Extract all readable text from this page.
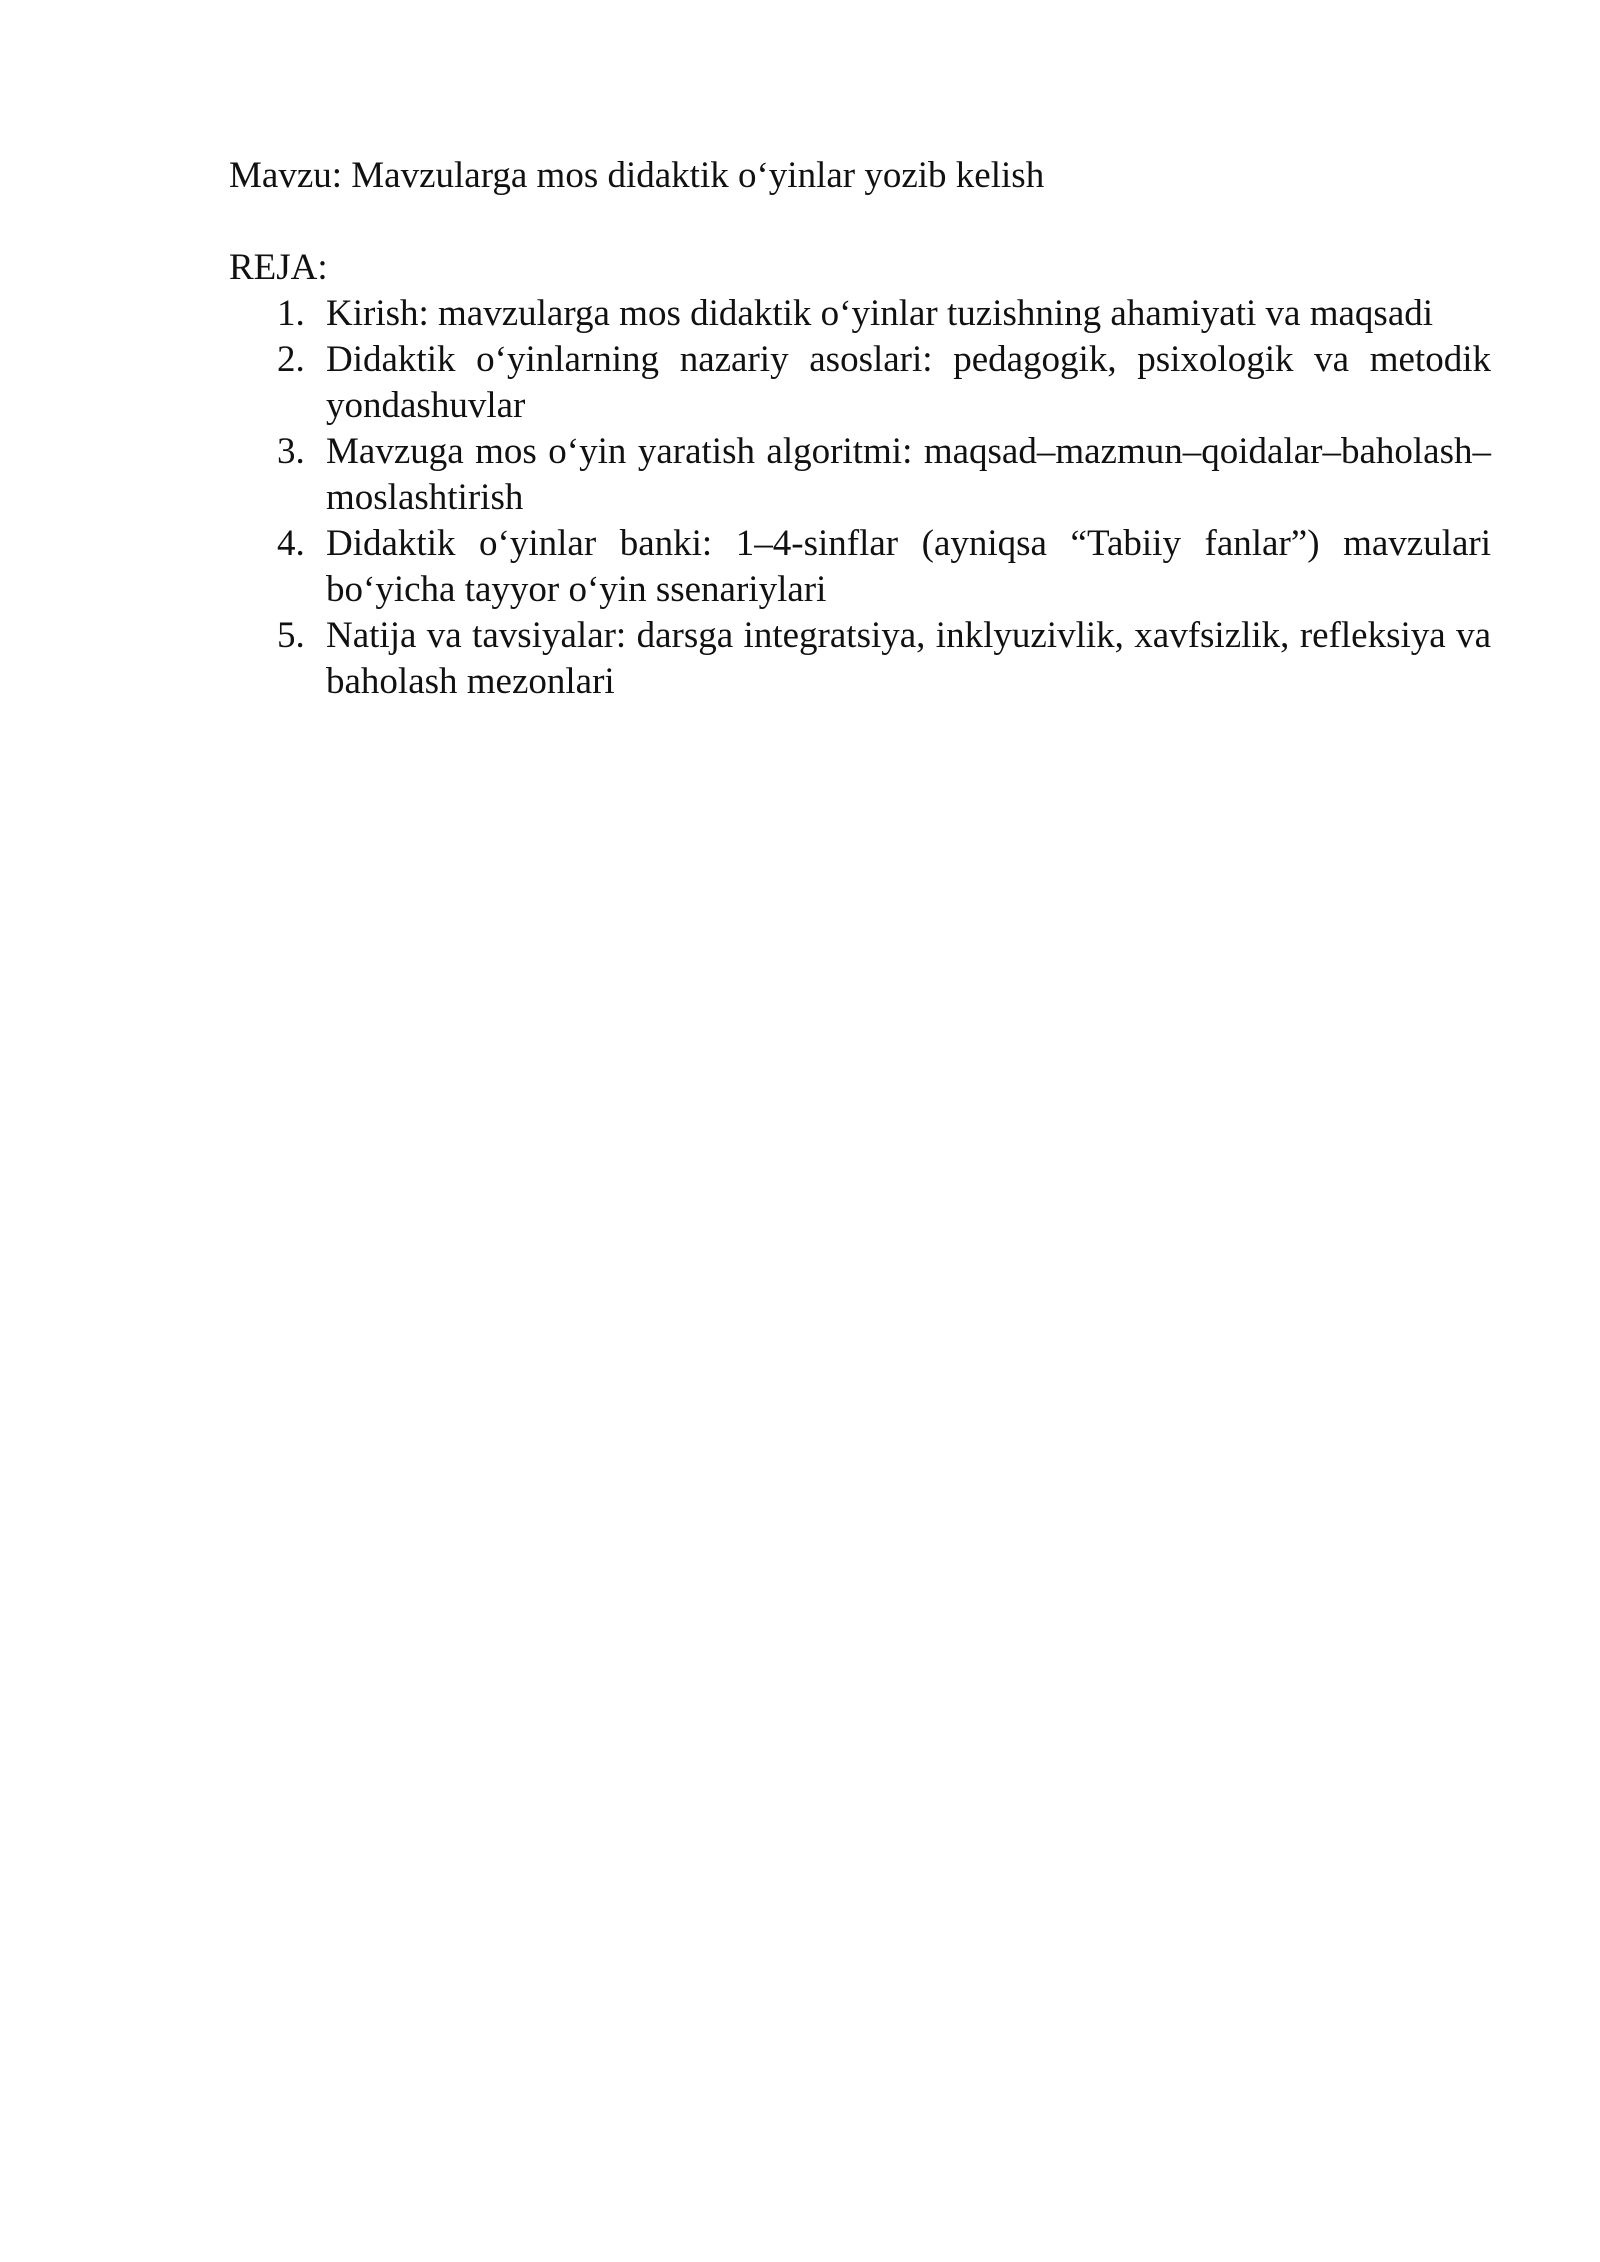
Mavzu: Mavzularga mos didaktik o‘yinlar yozib kelish

REJA:

1. Kirish: mavzularga mos didaktik o‘yinlar tuzishning ahamiyati va maqsadi
2. Didaktik o‘yinlarning nazariy asoslari: pedagogik, psixologik va metodik yondashuvlar
3. Mavzuga mos o‘yin yaratish algoritmi: maqsad–mazmun–qoidalar–baholash–moslashtirish
4. Didaktik o‘yinlar banki: 1–4-sinflar (ayniqsa “Tabiiy fanlar”) mavzulari bo‘yicha tayyor o‘yin ssenariylari
5. Natija va tavsiyalar: darsga integratsiya, inklyuzivlik, xavfsizlik, refleksiya va baholash mezonlari
